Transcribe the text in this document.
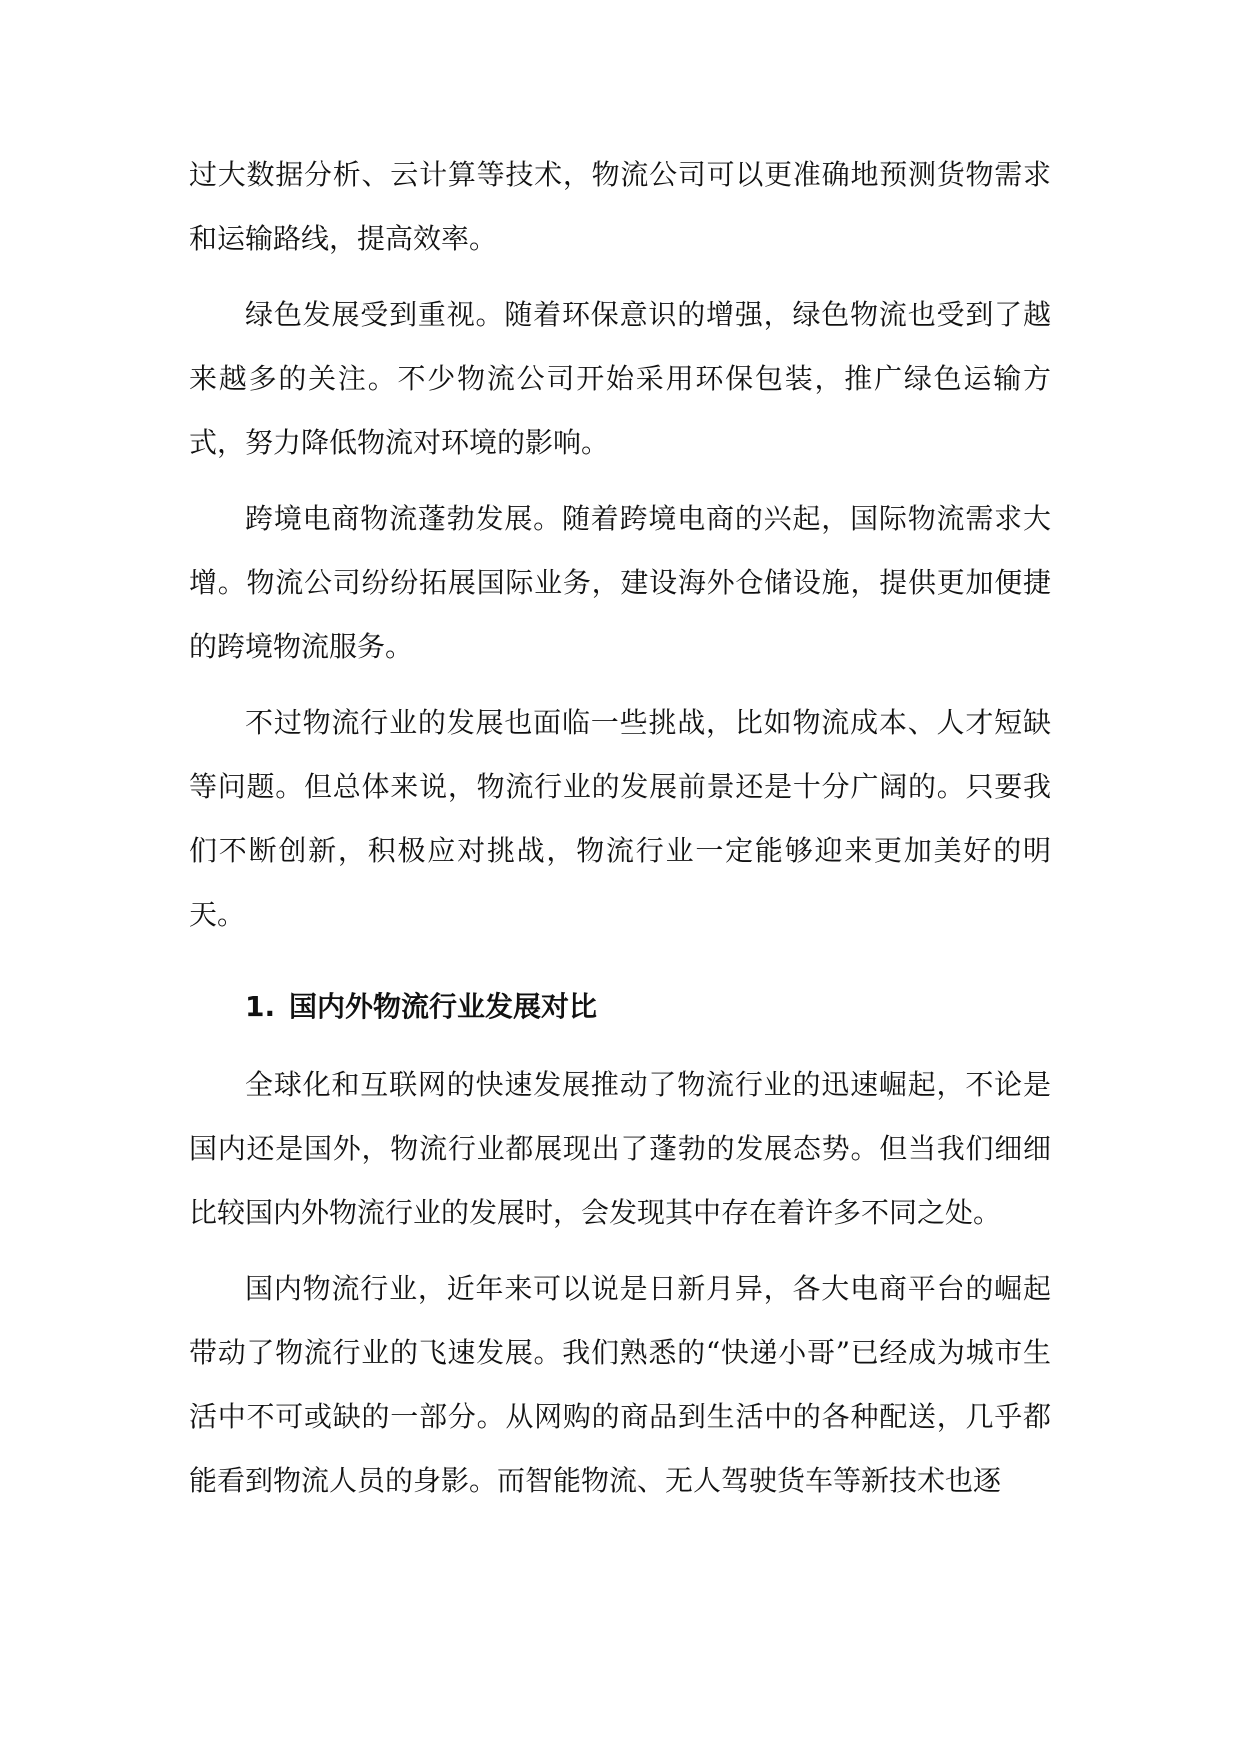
过大数据分析、云计算等技术，物流公司可以更准确地预测货物需求和运输路线，提高效率。

绿色发展受到重视。随着环保意识的增强，绿色物流也受到了越来越多的关注。不少物流公司开始采用环保包装，推广绿色运输方式，努力降低物流对环境的影响。

跨境电商物流蓬勃发展。随着跨境电商的兴起，国际物流需求大增。物流公司纷纷拓展国际业务，建设海外仓储设施，提供更加便捷的跨境物流服务。

不过物流行业的发展也面临一些挑战，比如物流成本、人才短缺等问题。但总体来说，物流行业的发展前景还是十分广阔的。只要我们不断创新，积极应对挑战，物流行业一定能够迎来更加美好的明天。

1. 国内外物流行业发展对比

全球化和互联网的快速发展推动了物流行业的迅速崛起，不论是国内还是国外，物流行业都展现出了蓬勃的发展态势。但当我们细细比较国内外物流行业的发展时，会发现其中存在着许多不同之处。

国内物流行业，近年来可以说是日新月异，各大电商平台的崛起带动了物流行业的飞速发展。我们熟悉的“快递小哥”已经成为城市生活中不可或缺的一部分。从网购的商品到生活中的各种配送，几乎都能看到物流人员的身影。而智能物流、无人驾驶货车等新技术也逐
